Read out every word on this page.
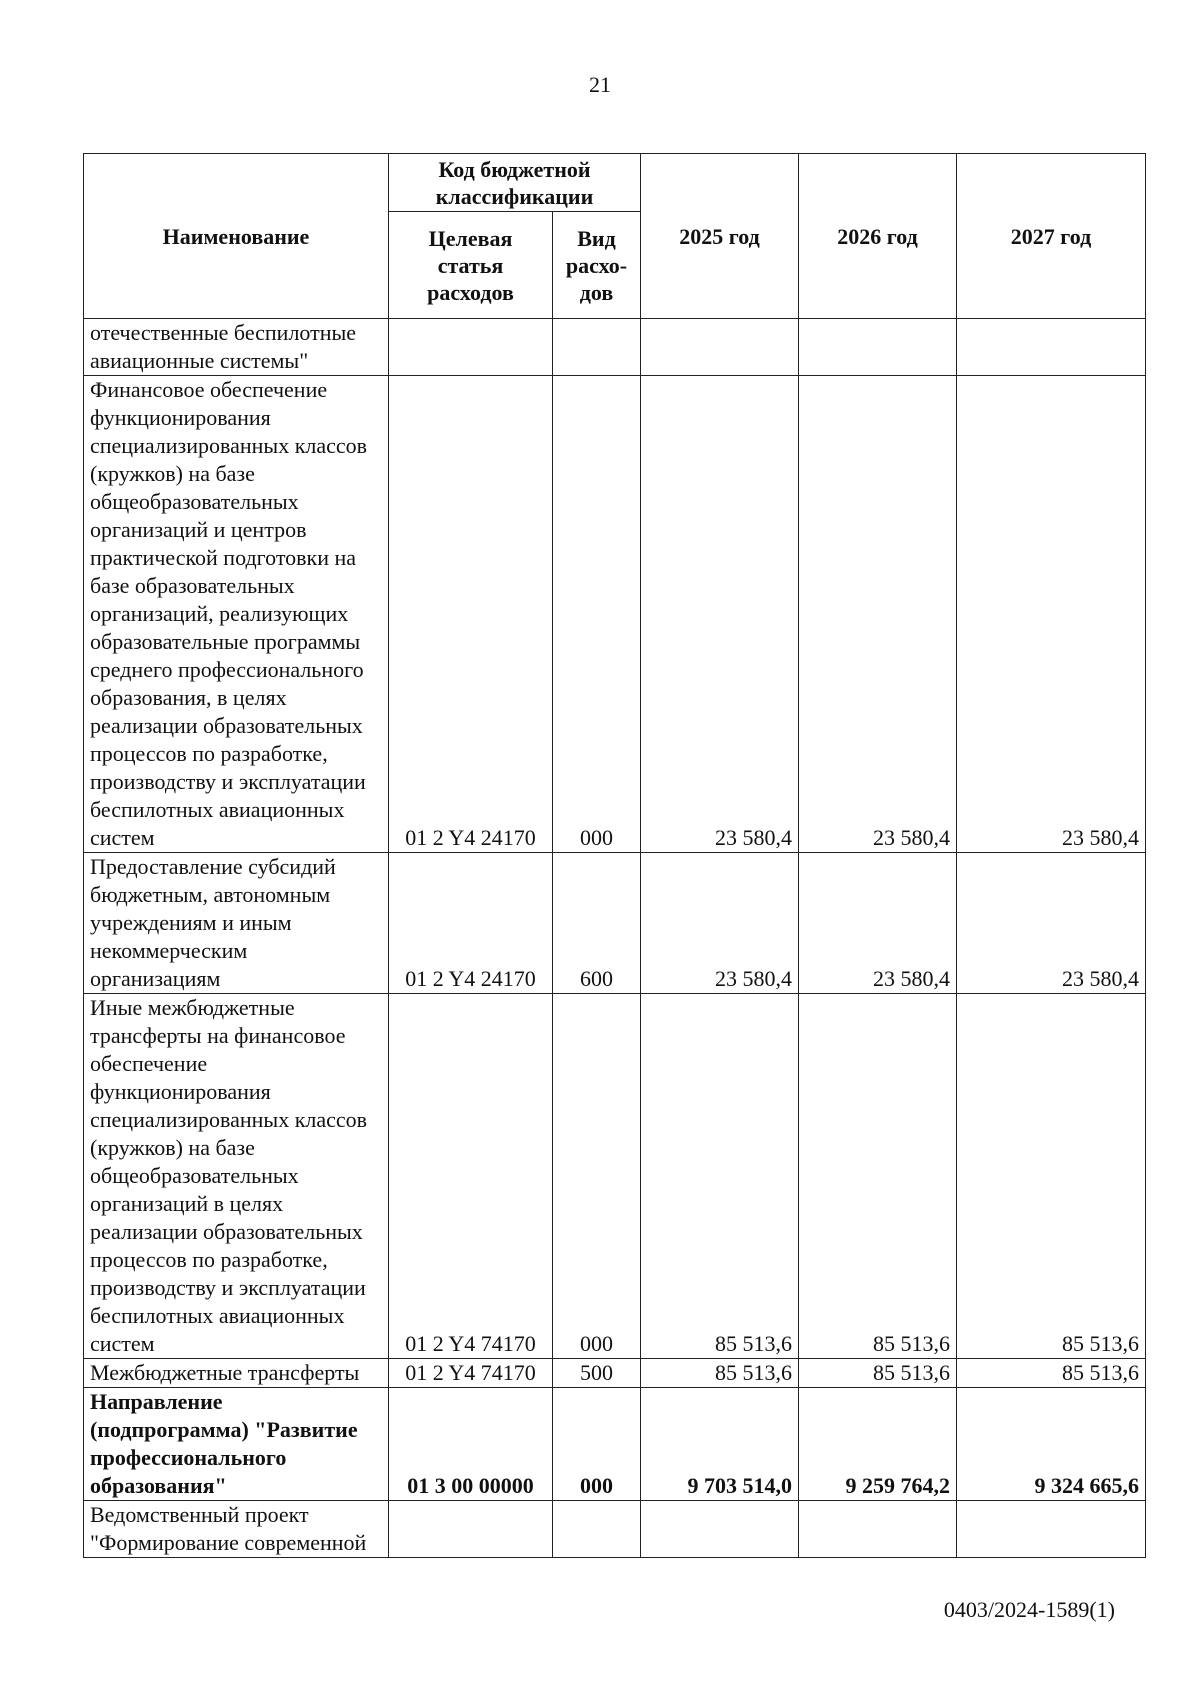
21
Наименование	Код бюджетной классификации		2025 год	2026 год	2027 год
	Целевая статья расходов	Вид расхо-дов			
отечественные беспилотные авиационные системы"					
Финансовое обеспечение функционирования специализированных классов (кружков) на базе общеобразовательных организаций и центров практической подготовки на базе образовательных организаций, реализующих образовательные программы среднего профессионального образования, в целях реализации образовательных процессов по разработке, производству и эксплуатации беспилотных авиационных систем	01 2 Y4 24170	000	23 580,4	23 580,4	23 580,4
Предоставление субсидий бюджетным, автономным учреждениям и иным некоммерческим организациям	01 2 Y4 24170	600	23 580,4	23 580,4	23 580,4
Иные межбюджетные трансферты на финансовое обеспечение функционирования специализированных классов (кружков) на базе общеобразовательных организаций в целях реализации образовательных процессов по разработке, производству и эксплуатации беспилотных авиационных систем	01 2 Y4 74170	000	85 513,6	85 513,6	85 513,6
Межбюджетные трансферты	01 2 Y4 74170	500	85 513,6	85 513,6	85 513,6
Направление (подпрограмма) "Развитие профессионального образования"	01 3 00 00000	000	9 703 514,0	9 259 764,2	9 324 665,6
Ведомственный проект "Формирование современной					
0403/2024-1589(1)
